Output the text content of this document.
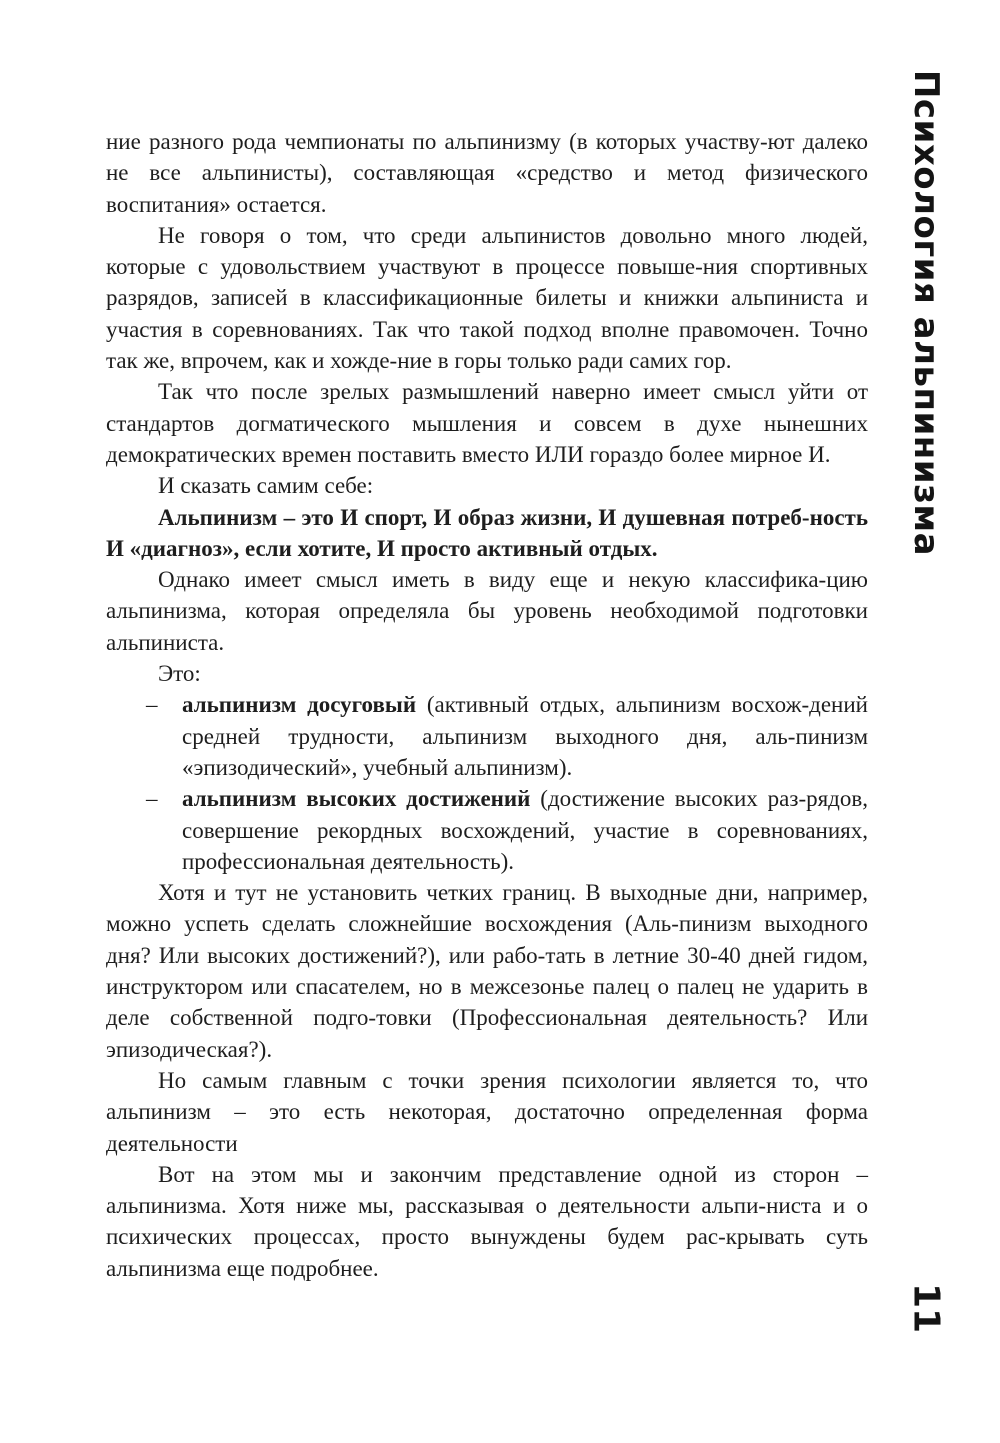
ние разного рода чемпионаты по альпинизму (в которых участву-ют далеко не все альпинисты), составляющая «средство и метод физического воспитания» остается.

Не говоря о том, что среди альпинистов довольно много людей, которые с удовольствием участвуют в процессе повыше-ния спортивных разрядов, записей в классификационные билеты и книжки альпиниста и участия в соревнованиях. Так что такой подход вполне правомочен. Точно так же, впрочем, как и хожде-ние в горы только ради самих гор.

Так что после зрелых размышлений наверно имеет смысл уйти от стандартов догматического мышления и совсем в духе нынешних демократических времен поставить вместо ИЛИ гораздо более мирное И.

И сказать самим себе:

Альпинизм – это И спорт, И образ жизни, И душевная потреб-ность И «диагноз», если хотите, И просто активный отдых.

Однако имеет смысл иметь в виду еще и некую классифика-цию альпинизма, которая определяла бы уровень необходимой подготовки альпиниста.

Это:

– альпинизм досуговый (активный отдых, альпинизм восхож-дений средней трудности, альпинизм выходного дня, аль-пинизм «эпизодический», учебный альпинизм).

– альпинизм высоких достижений (достижение высоких раз-рядов, совершение рекордных восхождений, участие в соревнованиях, профессиональная деятельность).

Хотя и тут не установить четких границ. В выходные дни, например, можно успеть сделать сложнейшие восхождения (Аль-пинизм выходного дня? Или высоких достижений?), или рабо-тать в летние 30-40 дней гидом, инструктором или спасателем, но в межсезонье палец о палец не ударить в деле собственной подго-товки (Профессиональная деятельность? Или эпизодическая?).

Но самым главным с точки зрения психологии является то, что альпинизм – это есть некоторая, достаточно определенная форма деятельности

Вот на этом мы и закончим представление одной из сторон – альпинизма. Хотя ниже мы, рассказывая о деятельности альпи-ниста и о психических процессах, просто вынуждены будем рас-крывать суть альпинизма еще подробнее.

Психология альпинизма
11
